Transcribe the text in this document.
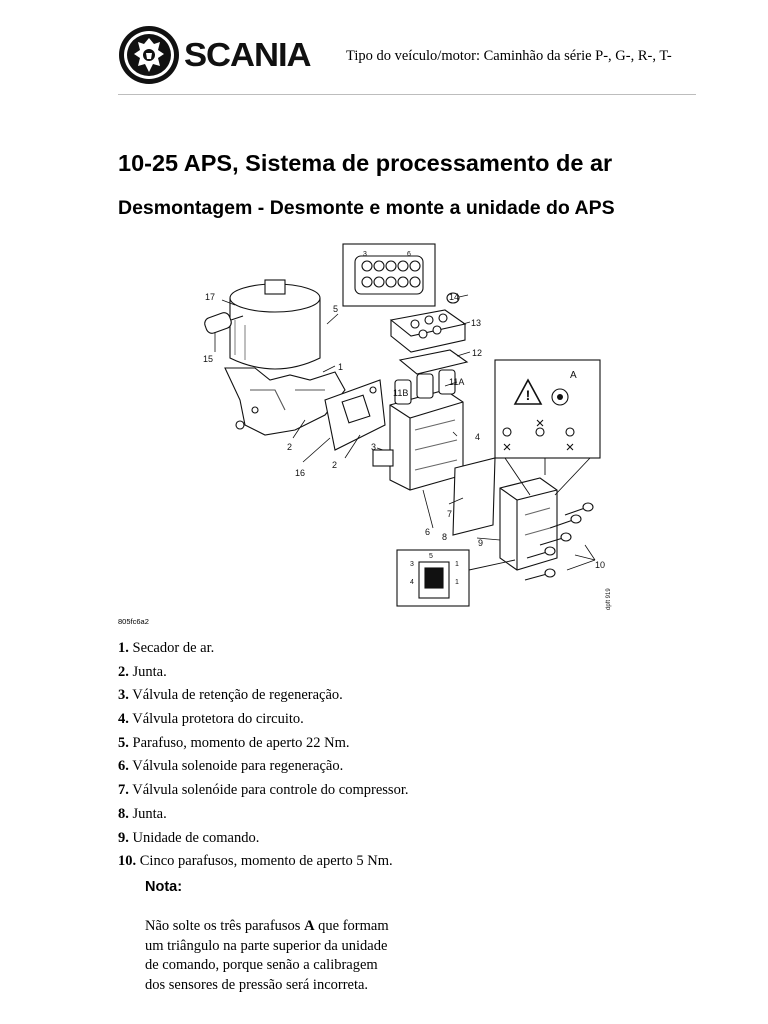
SCANIA Tipo do veículo/motor: Caminhão da série P-, G-, R-, T-
10-25 APS, Sistema de processamento de ar
Desmontagem - Desmonte e monte a unidade do APS
!
17
15
5
1
2
16
2
3
14
13
12
11A
11B
4
6
7
8
9
10
A
3	6
5
3	1
4	1
dpft 919
805fc6a2
1. Secador de ar.
2. Junta.
3. Válvula de retenção de regeneração.
4. Válvula protetora do circuito.
5. Parafuso, momento de aperto 22 Nm.
6. Válvula solenoide para regeneração.
7. Válvula solenóide para controle do compressor.
8. Junta.
9. Unidade de comando.
10. Cinco parafusos, momento de aperto 5 Nm.
Nota:
Não solte os três parafusos A que formam
um triângulo na parte superior da unidade
de comando, porque senão a calibragem
dos sensores de pressão será incorreta.
